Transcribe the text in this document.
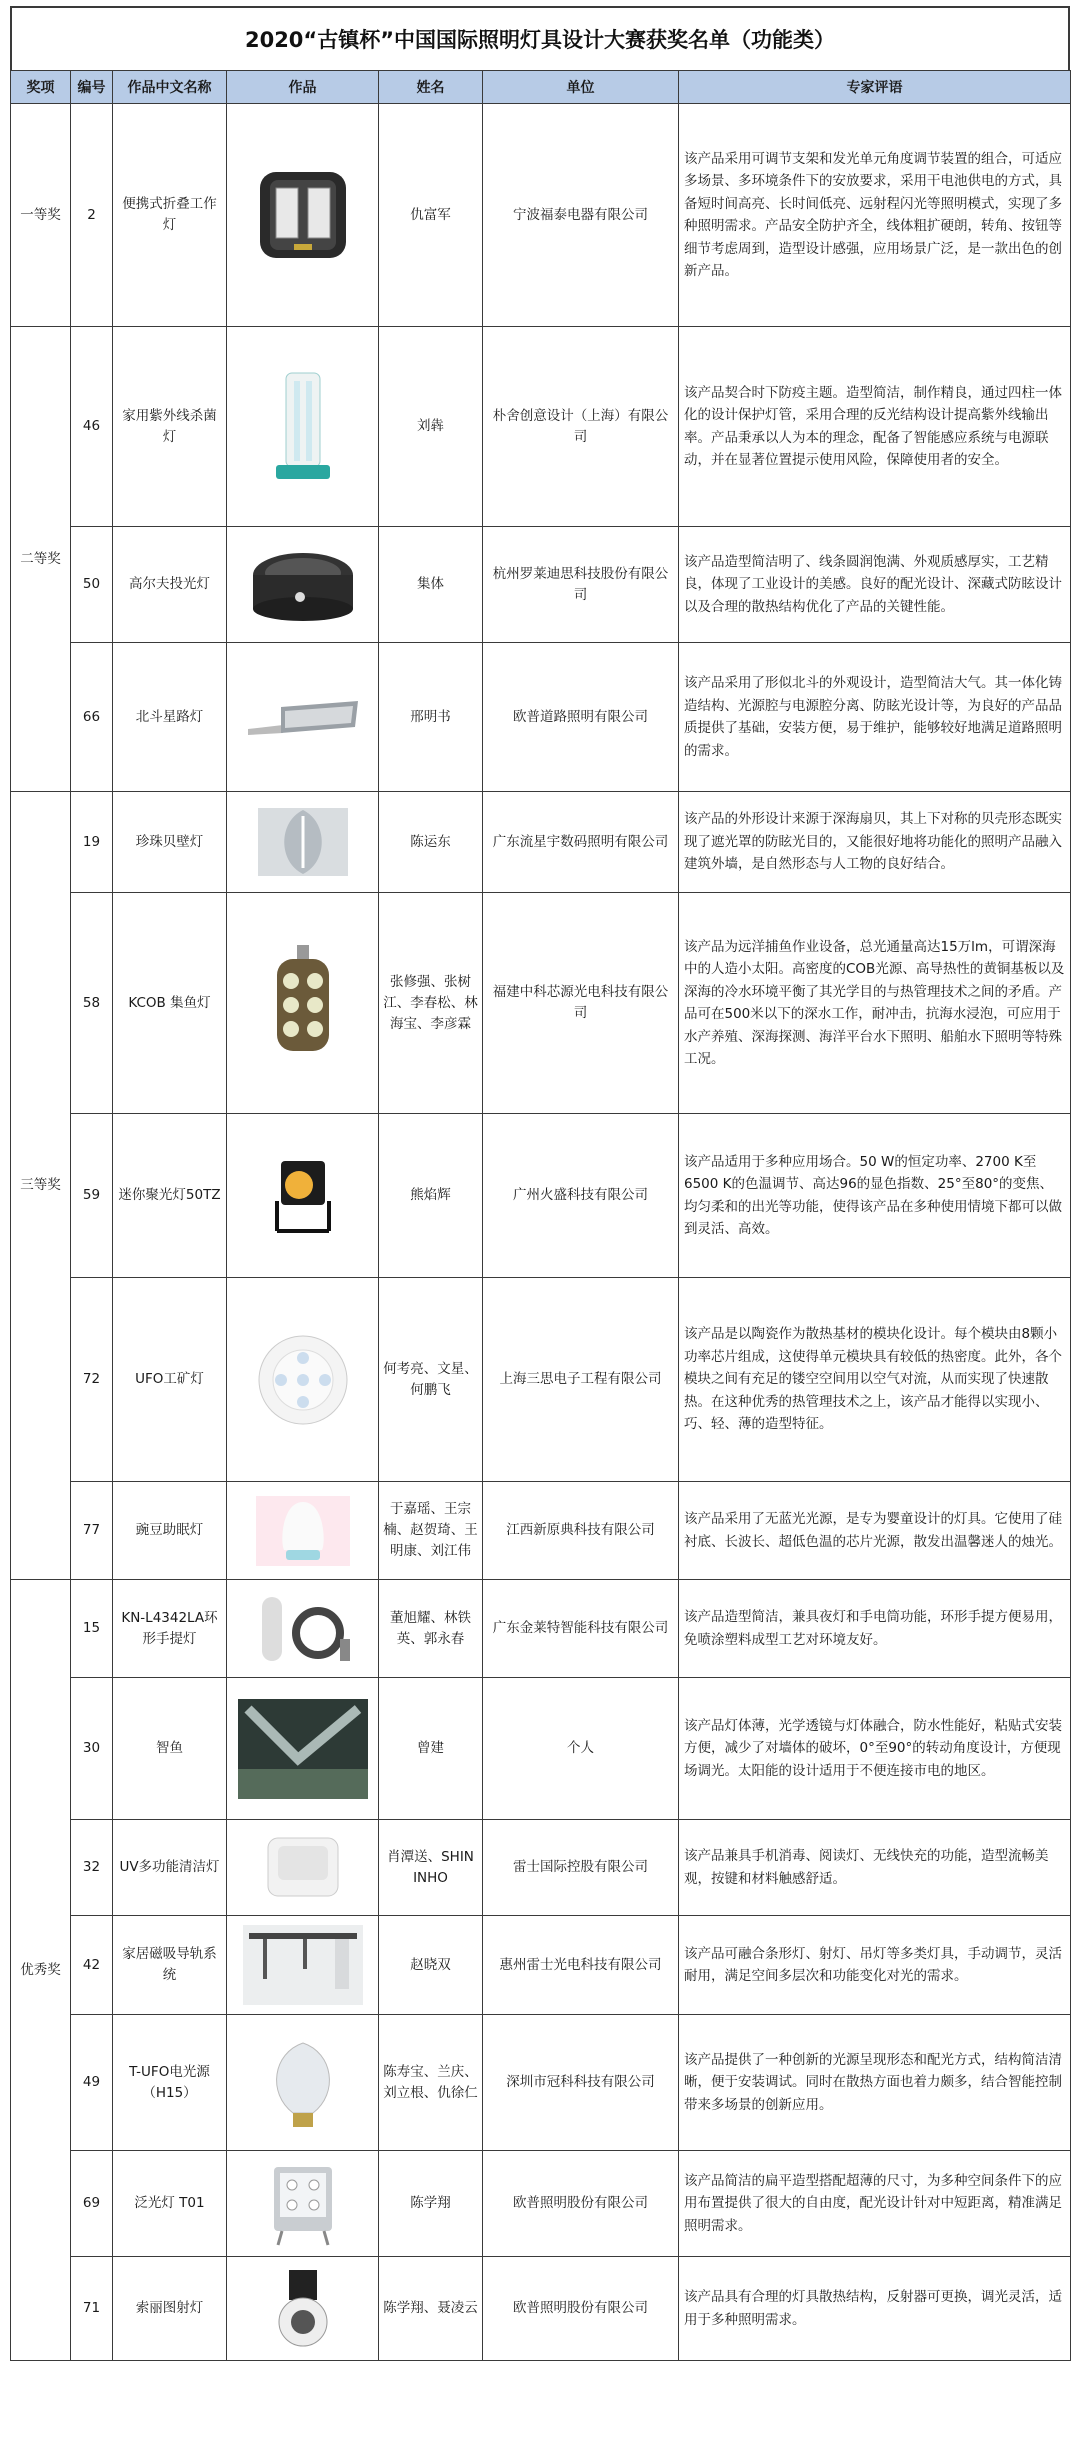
2020“古镇杯”中国国际照明灯具设计大赛获奖名单（功能类）
奖项	编号	作品中文名称	作品	姓名	单位	专家评语
一等奖	2	便携式折叠工作灯		仇富军	宁波福泰电器有限公司	该产品采用可调节支架和发光单元角度调节装置的组合，可适应多场景、多环境条件下的安放要求，采用干电池供电的方式，具备短时间高亮、长时间低亮、远射程闪光等照明模式，实现了多种照明需求。产品安全防护齐全，线体粗扩硬朗，转角、按钮等细节考虑周到，造型设计感强，应用场景广泛，是一款出色的创新产品。
二等奖	46	家用紫外线杀菌灯		刘犇	朴舍创意设计（上海）有限公司	该产品契合时下防疫主题。造型简洁，制作精良，通过四柱一体化的设计保护灯管，采用合理的反光结构设计提高紫外线输出率。产品秉承以人为本的理念，配备了智能感应系统与电源联动，并在显著位置提示使用风险，保障使用者的安全。
	50	高尔夫投光灯		集体	杭州罗莱迪思科技股份有限公司	该产品造型简洁明了、线条圆润饱满、外观质感厚实，工艺精良，体现了工业设计的美感。良好的配光设计、深藏式防眩设计以及合理的散热结构优化了产品的关键性能。
	66	北斗星路灯		邢明书	欧普道路照明有限公司	该产品采用了形似北斗的外观设计，造型简洁大气。其一体化铸造结构、光源腔与电源腔分离、防眩光设计等，为良好的产品品质提供了基础，安装方便，易于维护，能够较好地满足道路照明的需求。
三等奖	19	珍珠贝壁灯		陈运东	广东流星宇数码照明有限公司	该产品的外形设计来源于深海扇贝，其上下对称的贝壳形态既实现了遮光罩的防眩光目的，又能很好地将功能化的照明产品融入建筑外墙，是自然形态与人工物的良好结合。
	58	KCOB 集鱼灯		张修强、张树江、李春松、林海宝、李彦霖	福建中科芯源光电科技有限公司	该产品为远洋捕鱼作业设备，总光通量高达15万lm，可谓深海中的人造小太阳。高密度的COB光源、高导热性的黄铜基板以及深海的冷水环境平衡了其光学目的与热管理技术之间的矛盾。产品可在500米以下的深水工作，耐冲击，抗海水浸泡，可应用于水产养殖、深海探测、海洋平台水下照明、船舶水下照明等特殊工况。
	59	迷你聚光灯50TZ		熊焰辉	广州火盛科技有限公司	该产品适用于多种应用场合。50 W的恒定功率、2700 K至6500 K的色温调节、高达96的显色指数、25°至80°的变焦、均匀柔和的出光等功能，使得该产品在多种使用情境下都可以做到灵活、高效。
	72	UFO工矿灯		何考亮、文星、何鹏飞	上海三思电子工程有限公司	该产品是以陶瓷作为散热基材的模块化设计。每个模块由8颗小功率芯片组成，这使得单元模块具有较低的热密度。此外，各个模块之间有充足的镂空空间用以空气对流，从而实现了快速散热。在这种优秀的热管理技术之上，该产品才能得以实现小、巧、轻、薄的造型特征。
	77	豌豆助眠灯		于嘉瑶、王宗楠、赵贺琦、王明康、刘江伟	江西新原典科技有限公司	该产品采用了无蓝光光源，是专为婴童设计的灯具。它使用了硅衬底、长波长、超低色温的芯片光源，散发出温馨迷人的烛光。
优秀奖	15	KN-L4342LA环形手提灯		董旭耀、林铁英、郭永春	广东金莱特智能科技有限公司	该产品造型简洁，兼具夜灯和手电筒功能，环形手提方便易用，免喷涂塑料成型工艺对环境友好。
	30	智鱼		曾建	个人	该产品灯体薄，光学透镜与灯体融合，防水性能好，粘贴式安装方便，减少了对墙体的破坏，0°至90°的转动角度设计，方便现场调光。太阳能的设计适用于不便连接市电的地区。
	32	UV多功能清洁灯		肖潭送、SHIN INHO	雷士国际控股有限公司	该产品兼具手机消毒、阅读灯、无线快充的功能，造型流畅美观，按键和材料触感舒适。
	42	家居磁吸导轨系统		赵晓双	惠州雷士光电科技有限公司	该产品可融合条形灯、射灯、吊灯等多类灯具，手动调节，灵活耐用，满足空间多层次和功能变化对光的需求。
	49	T-UFO电光源（H15）		陈寿宝、兰庆、刘立根、仇徐仁	深圳市冠科科技有限公司	该产品提供了一种创新的光源呈现形态和配光方式，结构简洁清晰，便于安装调试。同时在散热方面也着力颇多，结合智能控制带来多场景的创新应用。
	69	泛光灯 T01		陈学翔	欧普照明股份有限公司	该产品简洁的扁平造型搭配超薄的尺寸，为多种空间条件下的应用布置提供了很大的自由度，配光设计针对中短距离，精准满足照明需求。
	71	索丽图射灯		陈学翔、聂凌云	欧普照明股份有限公司	该产品具有合理的灯具散热结构，反射器可更换，调光灵活，适用于多种照明需求。
